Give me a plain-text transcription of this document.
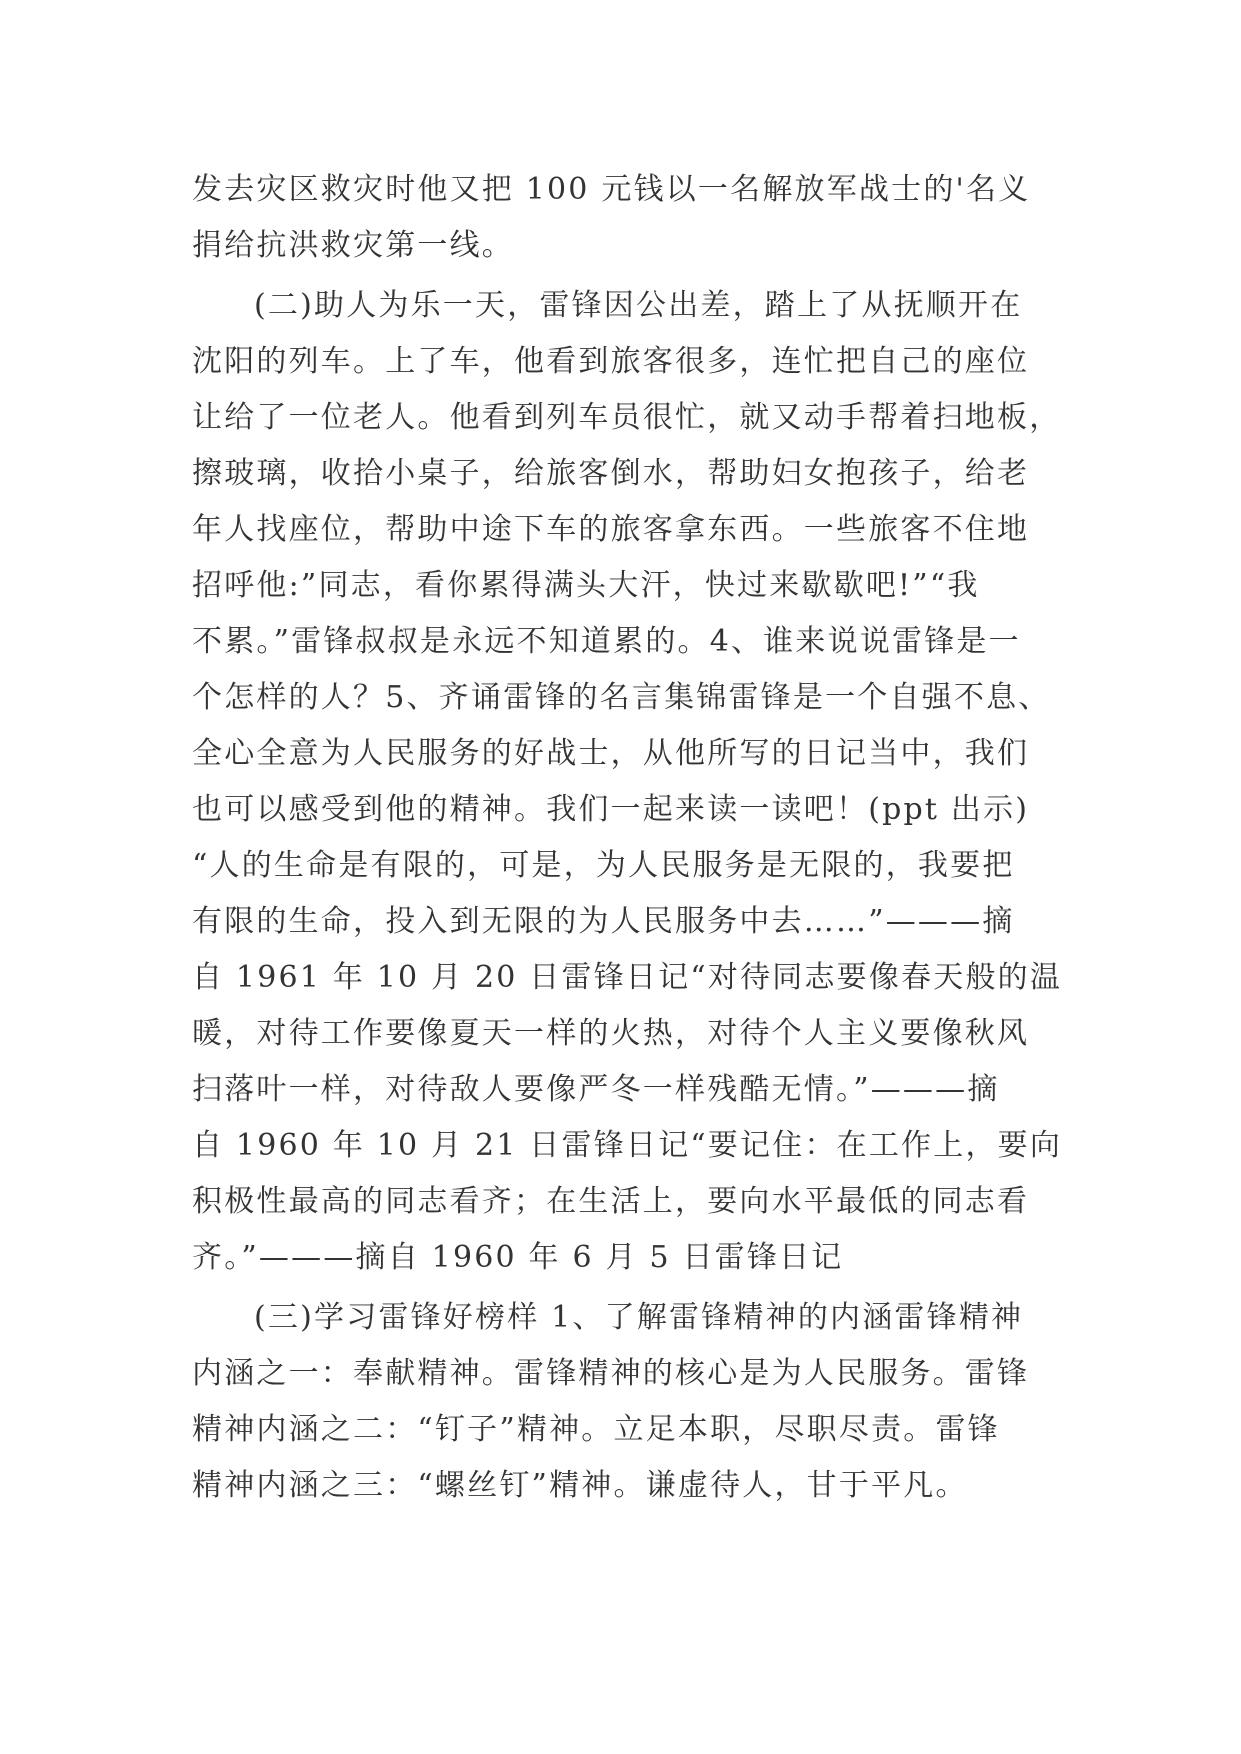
发去灾区救灾时他又把 100 元钱以一名解放军战士的'名义
捐给抗洪救灾第一线。
(二)助人为乐一天，雷锋因公出差，踏上了从抚顺开在
沈阳的列车。上了车，他看到旅客很多，连忙把自己的座位
让给了一位老人。他看到列车员很忙，就又动手帮着扫地板，
擦玻璃，收拾小桌子，给旅客倒水，帮助妇女抱孩子，给老
年人找座位，帮助中途下车的旅客拿东西。一些旅客不住地
招呼他:”同志，看你累得满头大汗，快过来歇歇吧!”“我
不累。”雷锋叔叔是永远不知道累的。4、谁来说说雷锋是一
个怎样的人？5、齐诵雷锋的名言集锦雷锋是一个自强不息、
全心全意为人民服务的好战士，从他所写的日记当中，我们
也可以感受到他的精神。我们一起来读一读吧！(ppt 出示)
“人的生命是有限的，可是，为人民服务是无限的，我要把
有限的生命，投入到无限的为人民服务中去……”———摘
自 1961 年 10 月 20 日雷锋日记“对待同志要像春天般的温
暖，对待工作要像夏天一样的火热，对待个人主义要像秋风
扫落叶一样，对待敌人要像严冬一样残酷无情。”———摘
自 1960 年 10 月 21 日雷锋日记“要记住：在工作上，要向
积极性最高的同志看齐；在生活上，要向水平最低的同志看
齐。”———摘自 1960 年 6 月 5 日雷锋日记
(三)学习雷锋好榜样 1、了解雷锋精神的内涵雷锋精神
内涵之一：奉献精神。雷锋精神的核心是为人民服务。雷锋
精神内涵之二：“钉子”精神。立足本职，尽职尽责。雷锋
精神内涵之三：“螺丝钉”精神。谦虚待人，甘于平凡。
